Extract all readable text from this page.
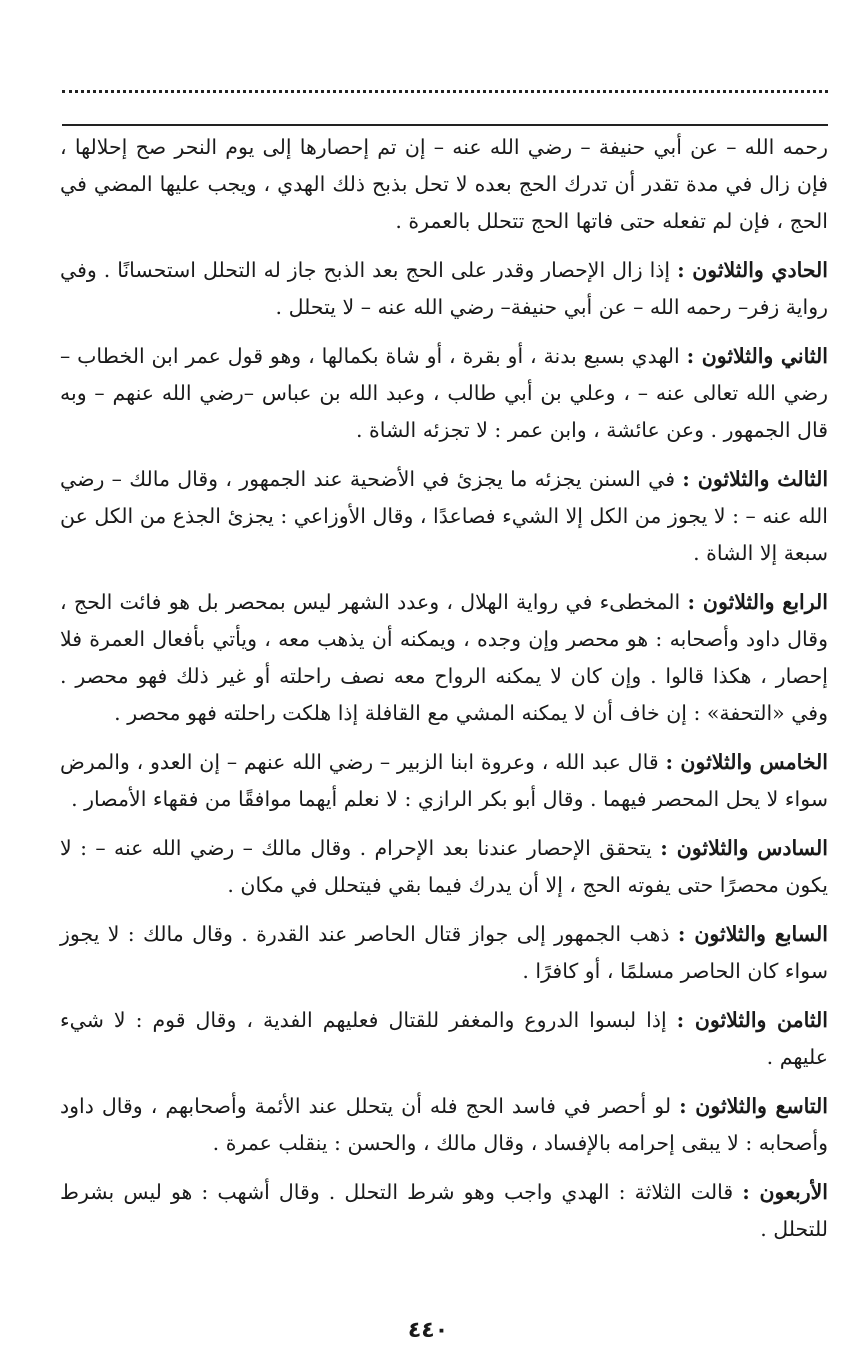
رحمه الله – عن أبي حنيفة – رضي الله عنه – إن تم إحصارها إلى يوم النحر صح إحلالها ، فإن زال في مدة تقدر أن تدرك الحج بعده لا تحل بذبح ذلك الهدي ، ويجب عليها المضي في الحج ، فإن لم تفعله حتى فاتها الحج تتحلل بالعمرة .

الحادي والثلاثون : إذا زال الإحصار وقدر على الحج بعد الذبح جاز له التحلل استحسانًا . وفي رواية زفر– رحمه الله – عن أبي حنيفة– رضي الله عنه – لا يتحلل .

الثاني والثلاثون : الهدي بسبع بدنة ، أو بقرة ، أو شاة بكمالها ، وهو قول عمر ابن الخطاب – رضي الله تعالى عنه – ، وعلي بن أبي طالب ، وعبد الله بن عباس –رضي الله عنهم – وبه قال الجمهور . وعن عائشة ، وابن عمر : لا تجزئه الشاة .

الثالث والثلاثون : في السنن يجزئه ما يجزئ في الأضحية عند الجمهور ، وقال مالك – رضي الله عنه – : لا يجوز من الكل إلا الشيء فصاعدًا ، وقال الأوزاعي : يجزئ الجذع من الكل عن سبعة إلا الشاة .

الرابع والثلاثون : المخطىء في رواية الهلال ، وعدد الشهر ليس بمحصر بل هو فائت الحج ، وقال داود وأصحابه : هو محصر وإن وجده ، ويمكنه أن يذهب معه ، ويأتي بأفعال العمرة فلا إحصار ، هكذا قالوا . وإن كان لا يمكنه الرواح معه نصف راحلته أو غير ذلك فهو محصر . وفي «التحفة» : إن خاف أن لا يمكنه المشي مع القافلة إذا هلكت راحلته فهو محصر .

الخامس والثلاثون : قال عبد الله ، وعروة ابنا الزبير – رضي الله عنهم – إن العدو ، والمرض سواء لا يحل المحصر فيهما . وقال أبو بكر الرازي : لا نعلم أيهما موافقًا من فقهاء الأمصار .

السادس والثلاثون : يتحقق الإحصار عندنا بعد الإحرام . وقال مالك – رضي الله عنه – : لا يكون محصرًا حتى يفوته الحج ، إلا أن يدرك فيما بقي فيتحلل في مكان .

السابع والثلاثون : ذهب الجمهور إلى جواز قتال الحاصر عند القدرة . وقال مالك : لا يجوز سواء كان الحاصر مسلمًا ، أو كافرًا .

الثامن والثلاثون : إذا لبسوا الدروع والمغفر للقتال فعليهم الفدية ، وقال قوم : لا شيء عليهم .

التاسع والثلاثون : لو أحصر في فاسد الحج فله أن يتحلل عند الأئمة وأصحابهم ، وقال داود وأصحابه : لا يبقى إحرامه بالإفساد ، وقال مالك ، والحسن : ينقلب عمرة .

الأربعون : قالت الثلاثة : الهدي واجب وهو شرط التحلل . وقال أشهب : هو ليس بشرط للتحلل .

٤٤٠
